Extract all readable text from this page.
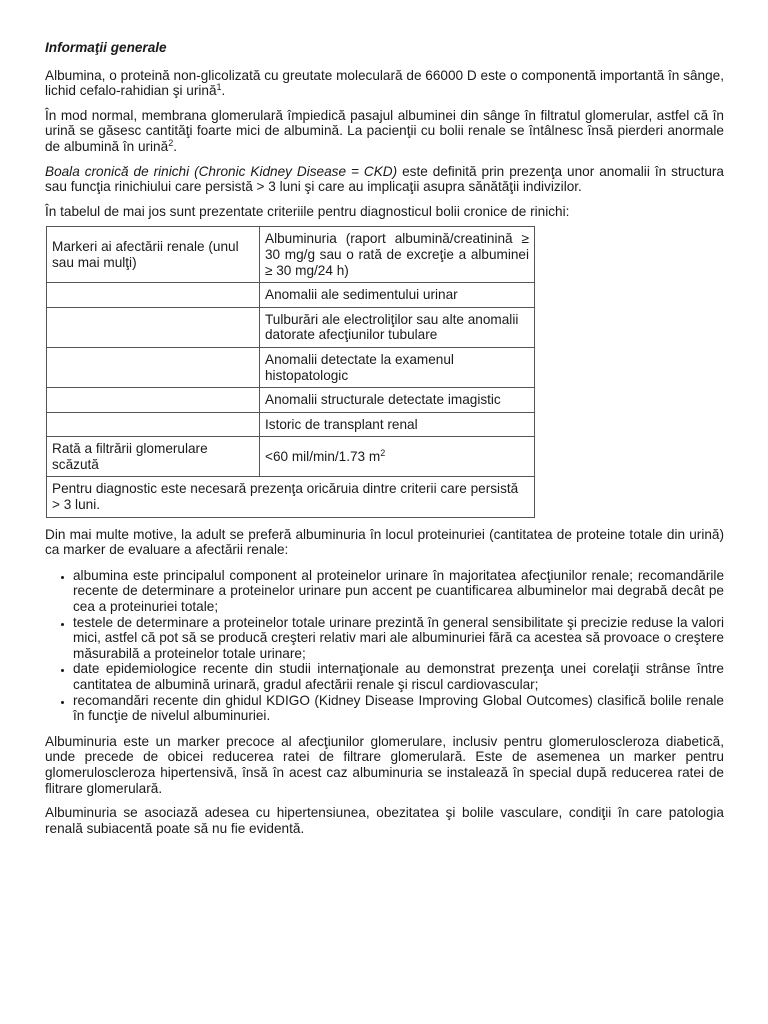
Informaţii generale

Albumina, o proteină non-glicolizată cu greutate moleculară de 66000 D este o componentă importantă în sânge, lichid cefalo-rahidian şi urină$^1$.

În mod normal, membrana glomerulară împiedică pasajul albuminei din sânge în filtratul glomerular, astfel că în urină se găsesc cantităţi foarte mici de albumină. La pacienţii cu bolii renale se întâlnesc însă pierderi anormale de albumină în urină$^2$.

Boala cronică de rinichi (Chronic Kidney Disease = CKD) este definită prin prezenţa unor anomalii în structura sau funcţia rinichiului care persistă > 3 luni şi care au implicaţii asupra sănătăţii indivizilor.

În tabelul de mai jos sunt prezentate criteriile pentru diagnosticul bolii cronice de rinichi:

Markeri ai afectării renale (unul sau mai mulţi)	Albuminuria (raport albumină/creatinină ≥ 30 mg/g sau o rată de excreţie a albuminei ≥ 30 mg/24 h)
	Anomalii ale sedimentului urinar
	Tulburări ale electroliţilor sau alte anomalii datorate afecţiunilor tubulare
	Anomalii detectate la examenul histopatologic
	Anomalii structurale detectate imagistic
	Istoric de transplant renal
Rată a filtrării glomerulare scăzută	<60 mil/min/1.73 $m^2$
Pentru diagnostic este necesară prezenţa oricăruia dintre criterii care persistă > 3 luni.	

Din mai multe motive, la adult se preferă albuminuria în locul proteinuriei (cantitatea de proteine totale din urină) ca marker de evaluare a afectării renale:

• albumina este principalul component al proteinelor urinare în majoritatea afecţiunilor renale; recomandările recente de determinare a proteinelor urinare pun accent pe cuantificarea albuminelor mai degrabă decât pe cea a proteinuriei totale;
• testele de determinare a proteinelor totale urinare prezintă în general sensibilitate şi precizie reduse la valori mici, astfel că pot să se producă creşteri relativ mari ale albuminuriei fără ca acestea să provoace o creştere măsurabilă a proteinelor totale urinare;
• date epidemiologice recente din studii internaţionale au demonstrat prezenţa unei corelaţii strânse între cantitatea de albumină urinară, gradul afectării renale şi riscul cardiovascular;
• recomandări recente din ghidul KDIGO (Kidney Disease Improving Global Outcomes) clasifică bolile renale în funcţie de nivelul albuminuriei.

Albuminuria este un marker precoce al afecţiunilor glomerulare, inclusiv pentru glomeruloscleroza diabetică, unde precede de obicei reducerea ratei de filtrare glomerulară. Este de asemenea un marker pentru glomeruloscleroza hipertensivă, însă în acest caz albuminuria se instalează în special după reducerea ratei de flitrare glomerulară.

Albuminuria se asociază adesea cu hipertensiunea, obezitatea şi bolile vasculare, condiţii în care patologia renală subiacentă poate să nu fie evidentă.
